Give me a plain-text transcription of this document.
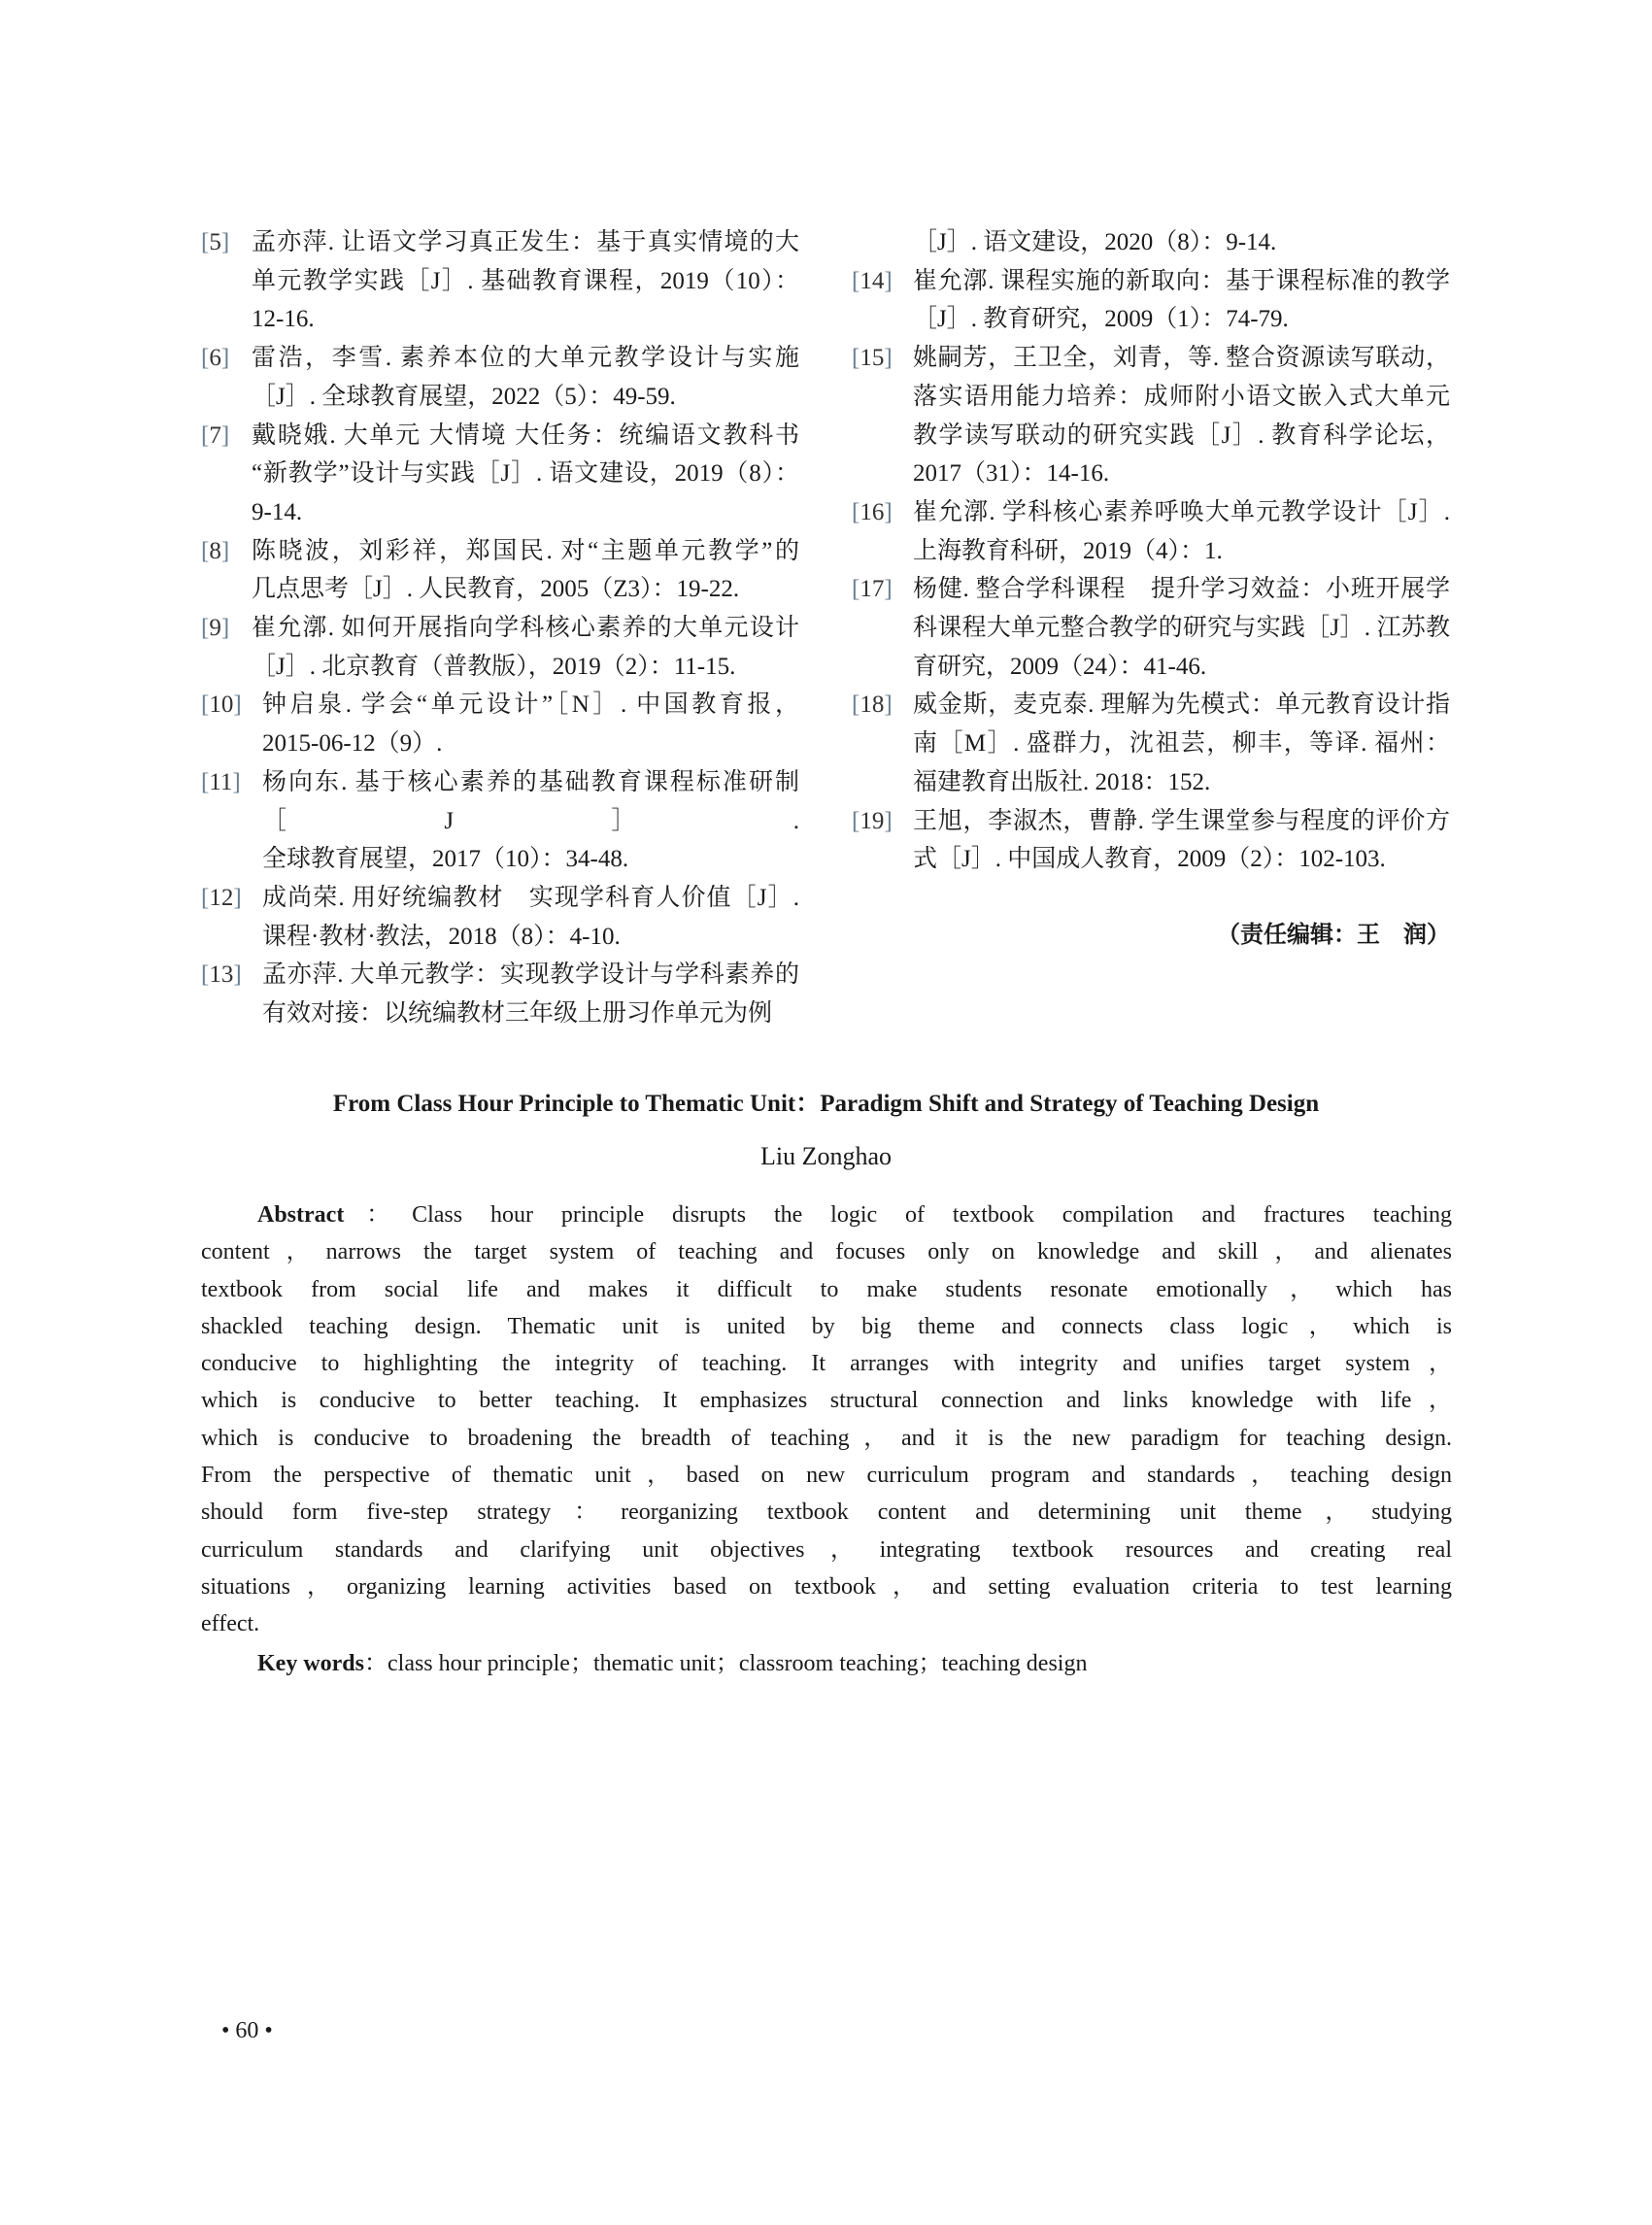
[5] 孟亦萍. 让语文学习真正发生：基于真实情境的大
单元教学实践［J］. 基础教育课程，2019（10）：
12-16.
[6] 雷浩，李雪. 素养本位的大单元教学设计与实施
［J］. 全球教育展望，2022（5）：49-59.
[7] 戴晓娥. 大单元 大情境 大任务：统编语文教科书
“新教学”设计与实践［J］. 语文建设，2019（8）：
9-14.
[8] 陈晓波，刘彩祥，郑国民. 对“主题单元教学”的
几点思考［J］. 人民教育，2005（Z3）：19-22.
[9] 崔允漷. 如何开展指向学科核心素养的大单元设计
［J］. 北京教育（普教版），2019（2）：11-15.
[10] 钟启泉. 学会“单元设计”［N］. 中国教育报，
2015-06-12（9）.
[11] 杨向东. 基于核心素养的基础教育课程标准研制［J］.
全球教育展望，2017（10）：34-48.
[12] 成尚荣. 用好统编教材　实现学科育人价值［J］.
课程·教材·教法，2018（8）：4-10.
[13] 孟亦萍. 大单元教学：实现教学设计与学科素养的
有效对接：以统编教材三年级上册习作单元为例
［J］. 语文建设，2020（8）：9-14.
[14] 崔允漷. 课程实施的新取向：基于课程标准的教学
［J］. 教育研究，2009（1）：74-79.
[15] 姚嗣芳，王卫全，刘青，等. 整合资源读写联动，
落实语用能力培养：成师附小语文嵌入式大单元
教学读写联动的研究实践［J］. 教育科学论坛，
2017（31）：14-16.
[16] 崔允漷. 学科核心素养呼唤大单元教学设计［J］.
上海教育科研，2019（4）：1.
[17] 杨健. 整合学科课程　提升学习效益：小班开展学
科课程大单元整合教学的研究与实践［J］. 江苏教
育研究，2009（24）：41-46.
[18] 威金斯，麦克泰. 理解为先模式：单元教育设计指
南［M］. 盛群力，沈祖芸，柳丰，等译. 福州：
福建教育出版社. 2018：152.
[19] 王旭，李淑杰，曹静. 学生课堂参与程度的评价方
式［J］. 中国成人教育，2009（2）：102-103.
（责任编辑：王　润）
From Class Hour Principle to Thematic Unit：Paradigm Shift and Strategy of Teaching Design
Liu Zonghao
Abstract：Class hour principle disrupts the logic of textbook compilation and fractures teaching
content，narrows the target system of teaching and focuses only on knowledge and skill，and alienates
textbook from social life and makes it difficult to make students resonate emotionally，which has
shackled teaching design. Thematic unit is united by big theme and connects class logic，which is
conducive to highlighting the integrity of teaching. It arranges with integrity and unifies target system，
which is conducive to better teaching. It emphasizes structural connection and links knowledge with life，
which is conducive to broadening the breadth of teaching，and it is the new paradigm for teaching design.
From the perspective of thematic unit，based on new curriculum program and standards，teaching design
should form five-step strategy：reorganizing textbook content and determining unit theme，studying
curriculum standards and clarifying unit objectives，integrating textbook resources and creating real
situations，organizing learning activities based on textbook，and setting evaluation criteria to test learning
effect.
Key words：class hour principle；thematic unit；classroom teaching；teaching design
• 60 •
